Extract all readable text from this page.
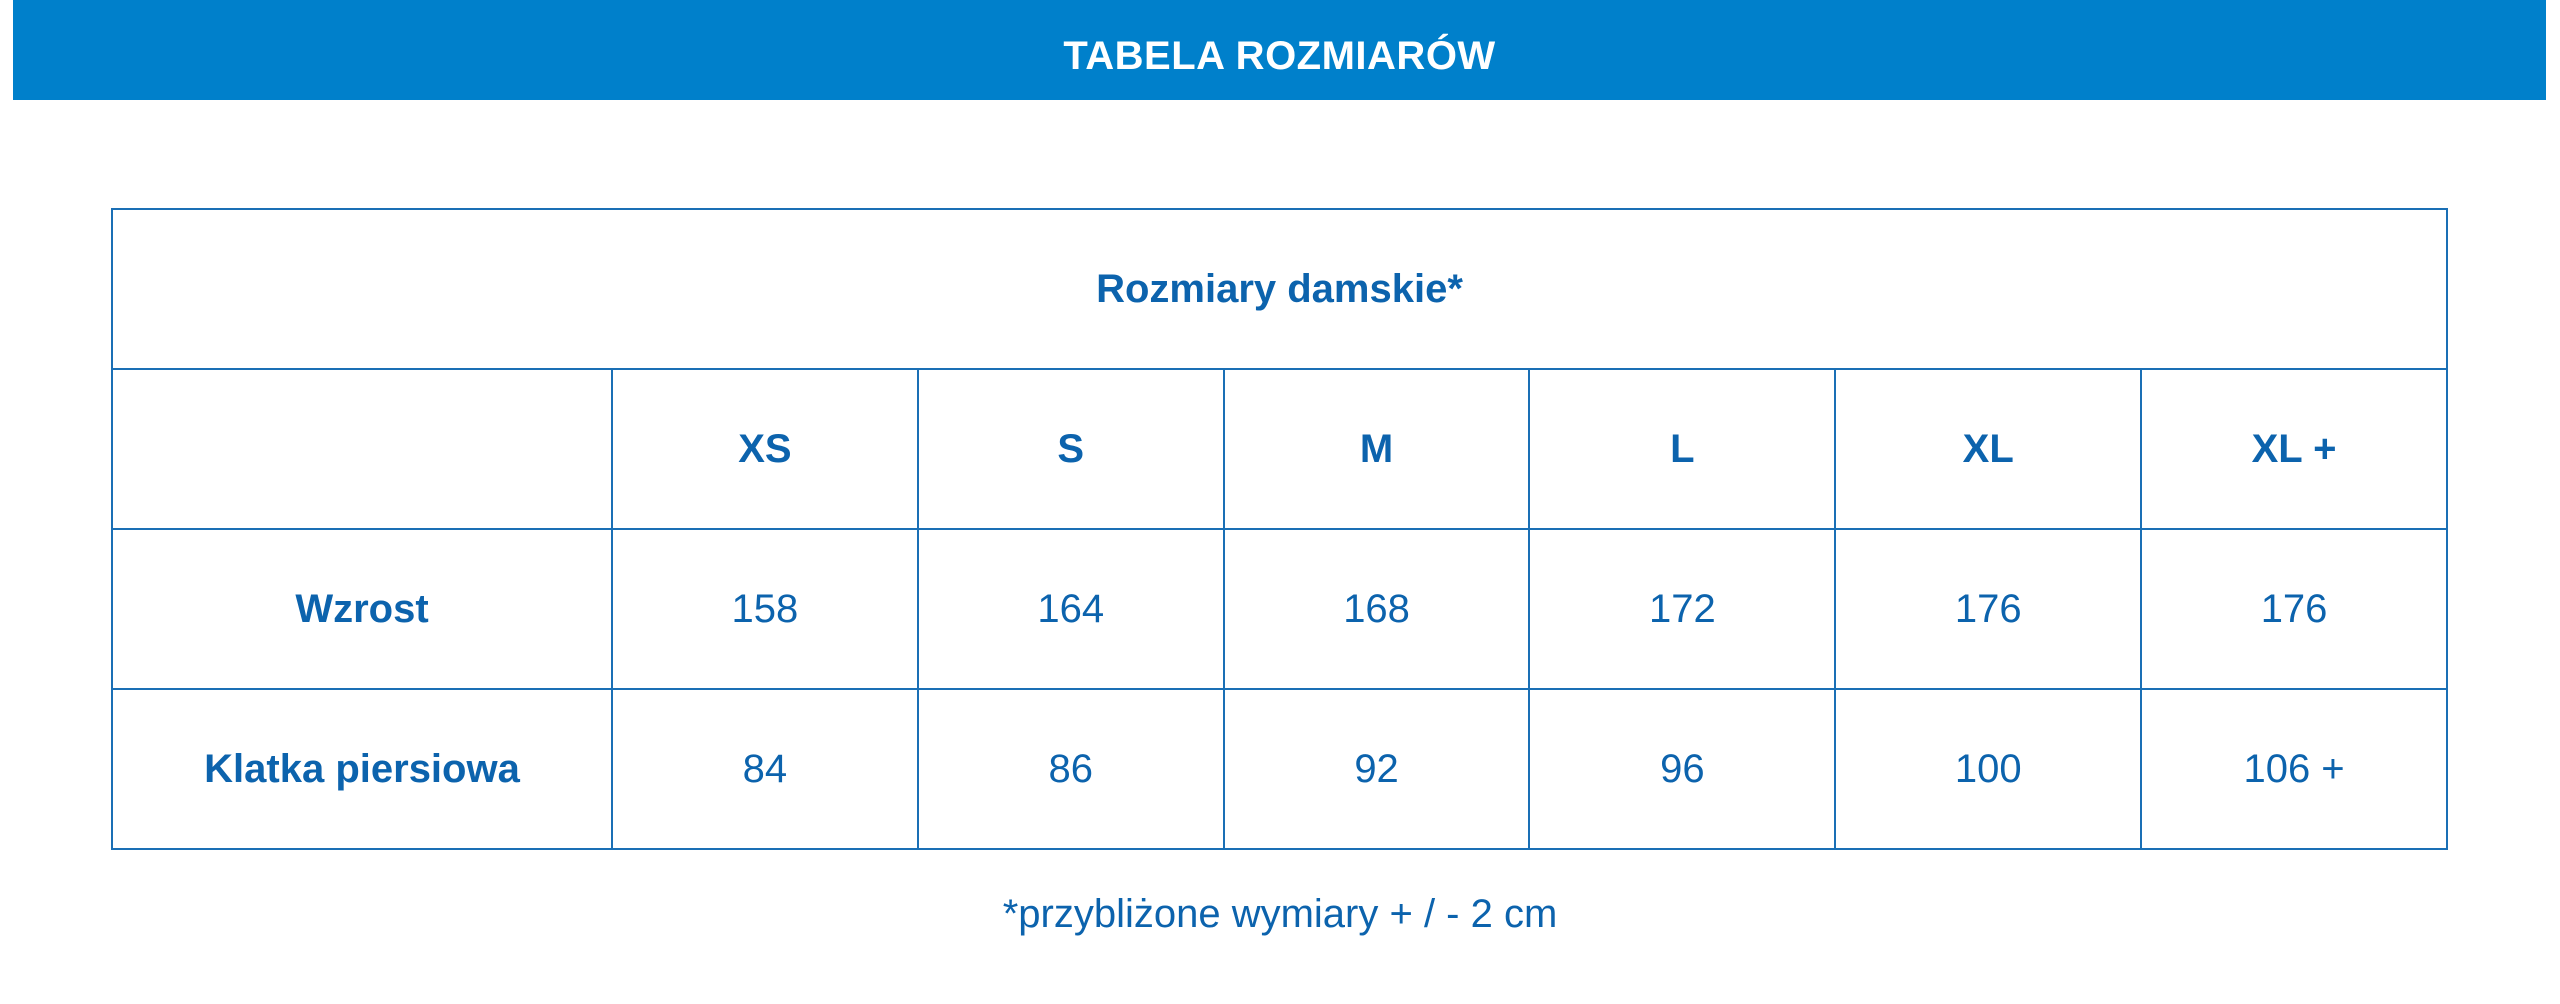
TABELA ROZMIARÓW
Rozmiary damskie*						
	XS	S	M	L	XL	XL +
Wzrost	158	164	168	172	176	176
Klatka piersiowa	84	86	92	96	100	106 +
*przybliżone wymiary + / - 2 cm
